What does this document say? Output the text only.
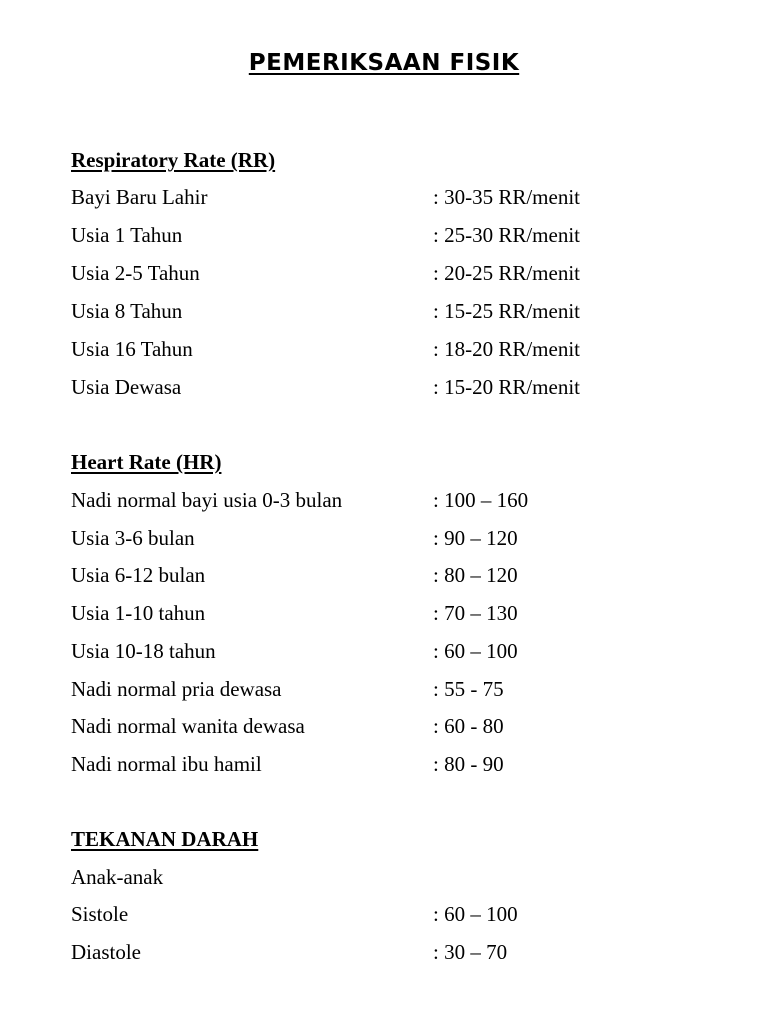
PEMERIKSAAN FISIK
Respiratory Rate (RR)
Bayi Baru Lahir	: 30-35 RR/menit
Usia 1 Tahun	: 25-30 RR/menit
Usia 2-5 Tahun	: 20-25 RR/menit
Usia 8 Tahun	: 15-25 RR/menit
Usia 16 Tahun	: 18-20 RR/menit
Usia Dewasa	: 15-20 RR/menit
Heart Rate (HR)
Nadi normal bayi usia 0-3 bulan	: 100 – 160
Usia 3-6 bulan	: 90 – 120
Usia 6-12 bulan	: 80 – 120
Usia 1-10 tahun	: 70 – 130
Usia 10-18 tahun	: 60 – 100
Nadi normal pria dewasa	: 55 - 75
Nadi normal wanita dewasa	: 60 - 80
Nadi normal ibu hamil	: 80 - 90
TEKANAN DARAH
Anak-anak
Sistole	: 60 – 100
Diastole	: 30 – 70
